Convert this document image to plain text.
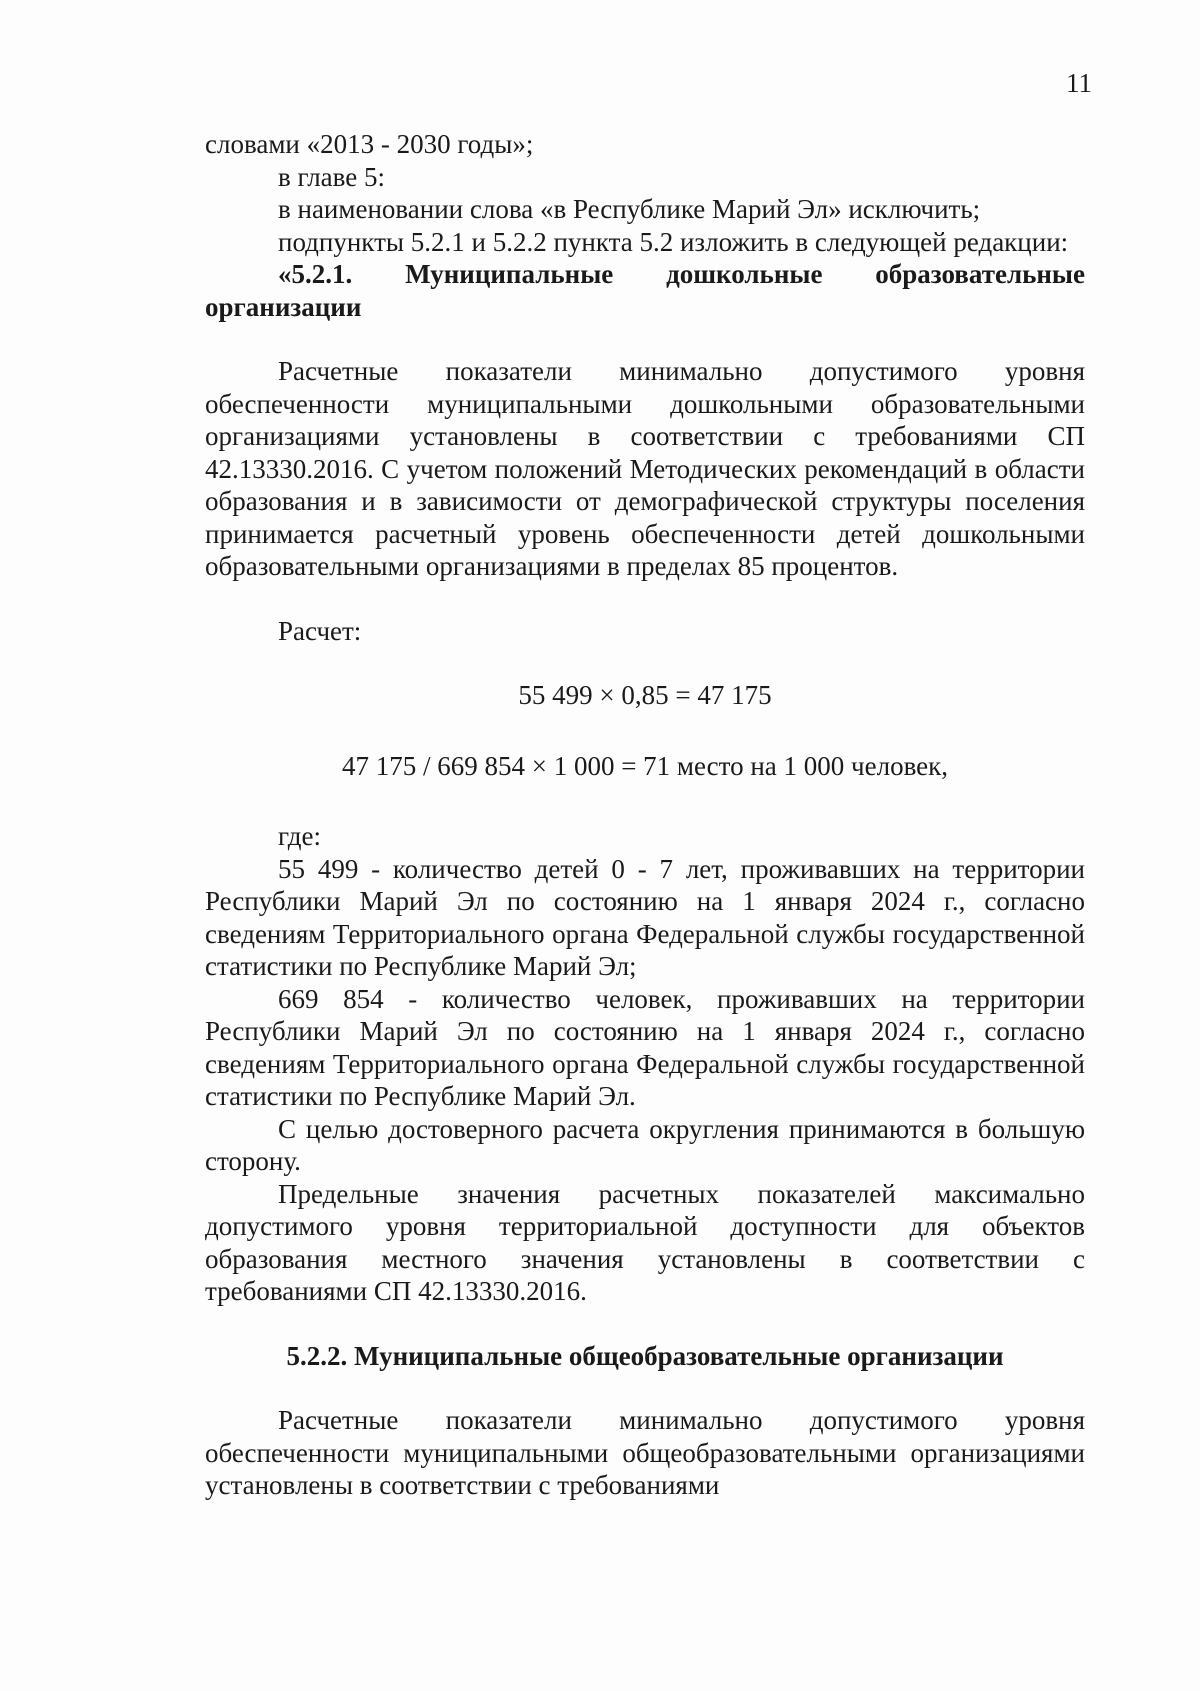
11

словами «2013 - 2030 годы»;

в главе 5:

в наименовании слова «в Республике Марий Эл» исключить;

подпункты 5.2.1 и 5.2.2 пункта 5.2 изложить в следующей редакции:

«5.2.1. Муниципальные дошкольные образовательные организации

Расчетные показатели минимально допустимого уровня обеспеченности муниципальными дошкольными образовательными организациями установлены в соответствии с требованиями СП 42.13330.2016. С учетом положений Методических рекомендаций в области образования и в зависимости от демографической структуры поселения принимается расчетный уровень обеспеченности детей дошкольными образовательными организациями в пределах 85 процентов.

Расчет:

55 499 × 0,85 = 47 175

47 175 / 669 854 × 1 000 = 71 место на 1 000 человек,

где:

55 499 - количество детей 0 - 7 лет, проживавших на территории Республики Марий Эл по состоянию на 1 января 2024 г., согласно сведениям Территориального органа Федеральной службы государственной статистики по Республике Марий Эл;

669 854 - количество человек, проживавших на территории Республики Марий Эл по состоянию на 1 января 2024 г., согласно сведениям Территориального органа Федеральной службы государственной статистики по Республике Марий Эл.

С целью достоверного расчета округления принимаются в большую сторону.

Предельные значения расчетных показателей максимально допустимого уровня территориальной доступности для объектов образования местного значения установлены в соответствии с требованиями СП 42.13330.2016.

5.2.2. Муниципальные общеобразовательные организации

Расчетные показатели минимально допустимого уровня обеспеченности муниципальными общеобразовательными организациями установлены в соответствии с требованиями
